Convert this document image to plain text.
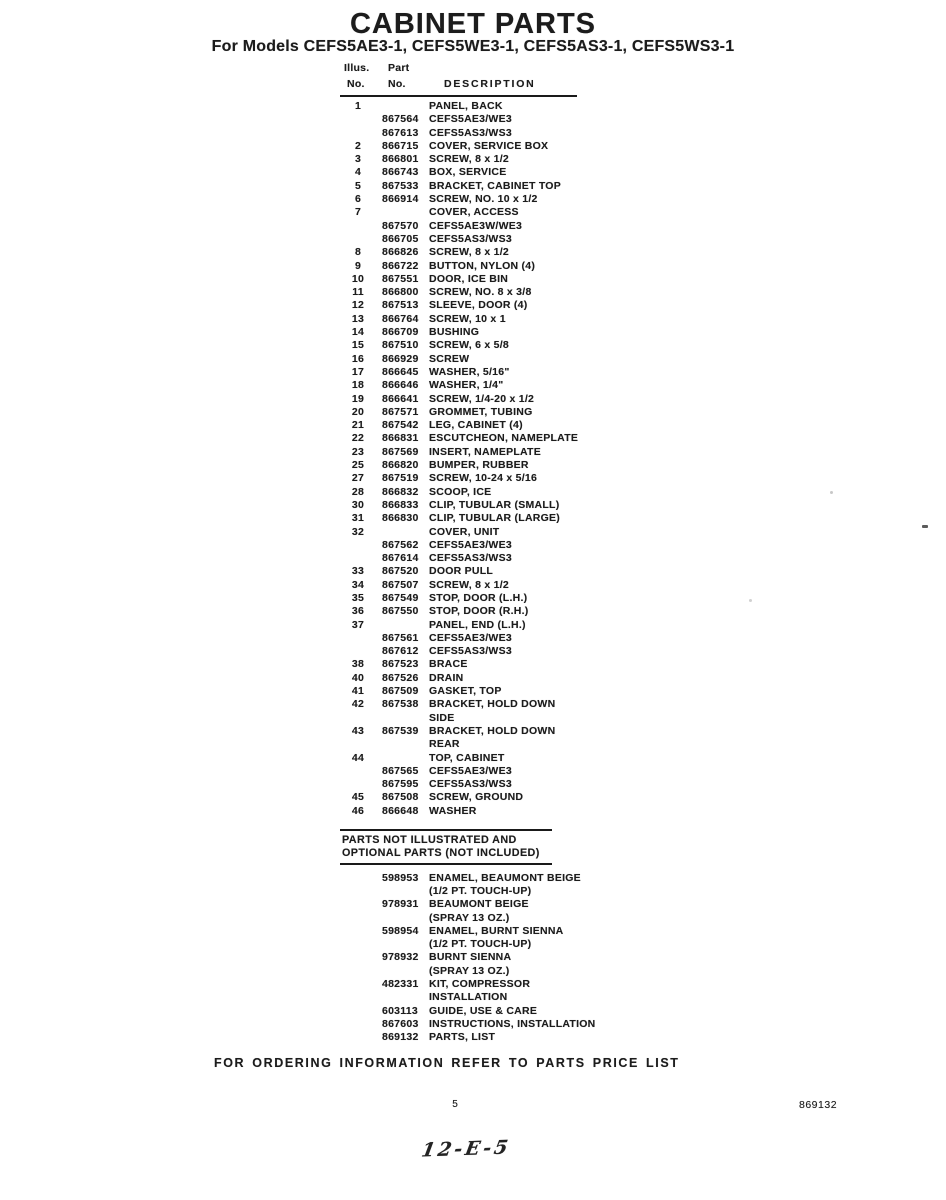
CABINET PARTS
For Models CEFS5AE3-1, CEFS5WE3-1, CEFS5AS3-1, CEFS5WS3-1
Illus. Part
No. No.	DESCRIPTION
1	PANEL, BACK
867564 CEFS5AE3/WE3
867613 CEFS5AS3/WS3
2	866715 COVER, SERVICE BOX
3	866801 SCREW, 8 x 1/2
4	866743 BOX, SERVICE
5	867533 BRACKET, CABINET TOP
6	866914 SCREW, NO. 10 x 1/2
7	COVER, ACCESS
867570 CEFS5AE3W/WE3
866705 CEFS5AS3/WS3
8	866826 SCREW, 8 x 1/2
9	866722 BUTTON, NYLON (4)
10	867551 DOOR, ICE BIN
11	866800 SCREW, NO. 8 x 3/8
12	867513 SLEEVE, DOOR (4)
13	866764 SCREW, 10 x 1
14	866709 BUSHING
15	867510 SCREW, 6 x 5/8
16	866929 SCREW
17	866645 WASHER, 5/16"
18	866646 WASHER, 1/4"
19	866641 SCREW, 1/4-20 x 1/2
20	867571 GROMMET, TUBING
21	867542 LEG, CABINET (4)
22	866831 ESCUTCHEON, NAMEPLATE
23	867569 INSERT, NAMEPLATE
25	866820 BUMPER, RUBBER
27	867519 SCREW, 10-24 x 5/16
28	866832 SCOOP, ICE
30	866833 CLIP, TUBULAR (SMALL)
31	866830 CLIP, TUBULAR (LARGE)
32	COVER, UNIT
867562 CEFS5AE3/WE3
867614 CEFS5AS3/WS3
33	867520 DOOR PULL
34	867507 SCREW, 8 x 1/2
35	867549 STOP, DOOR (L.H.)
36	867550 STOP, DOOR (R.H.)
37	PANEL, END (L.H.)
867561 CEFS5AE3/WE3
867612 CEFS5AS3/WS3
38	867523 BRACE
40	867526 DRAIN
41	867509 GASKET, TOP
42	867538 BRACKET, HOLD DOWN
SIDE
43	867539 BRACKET, HOLD DOWN
REAR
44	TOP, CABINET
867565 CEFS5AE3/WE3
867595 CEFS5AS3/WS3
45	867508 SCREW, GROUND
46	866648 WASHER
PARTS NOT ILLUSTRATED AND
OPTIONAL PARTS (NOT INCLUDED)
598953 ENAMEL, BEAUMONT BEIGE
(1/2 PT. TOUCH-UP)
978931 BEAUMONT BEIGE
(SPRAY 13 OZ.)
598954 ENAMEL, BURNT SIENNA
(1/2 PT. TOUCH-UP)
978932 BURNT SIENNA
(SPRAY 13 OZ.)
482331 KIT, COMPRESSOR
INSTALLATION
603113	GUIDE, USE & CARE
867603 INSTRUCTIONS, INSTALLATION
869132 PARTS, LIST
FOR ORDERING INFORMATION REFER TO PARTS PRICE LIST
5	869132
12-E-5
